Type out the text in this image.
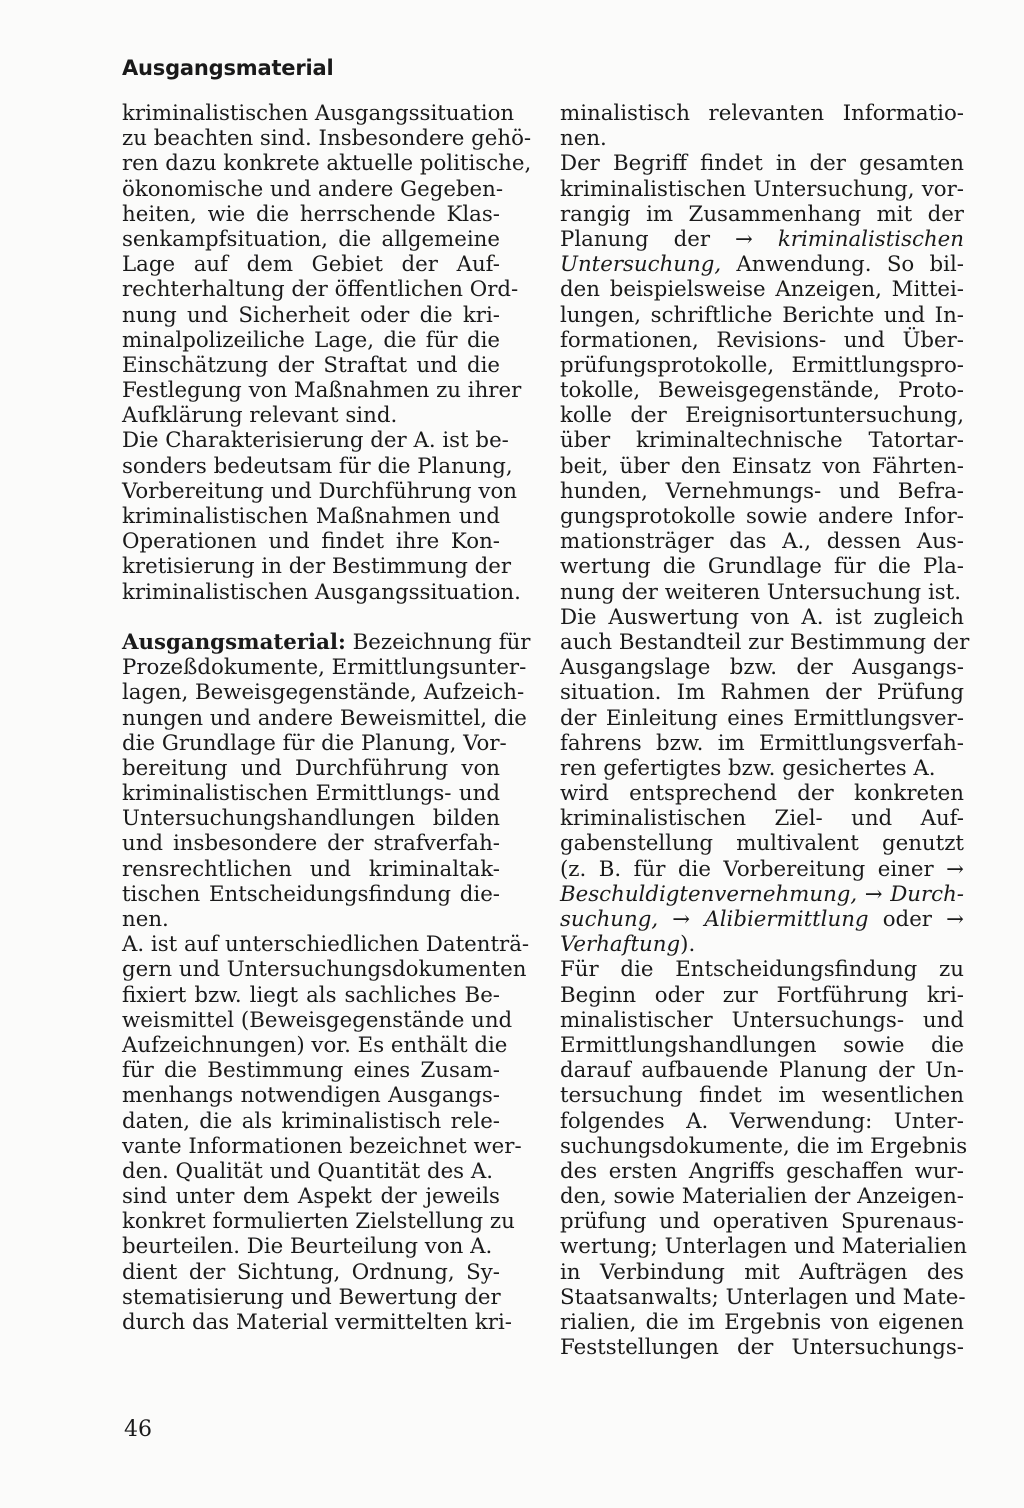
Ausgangsmaterial
kriminalistischen Ausgangssituation
zu beachten sind. Insbesondere gehö-
ren dazu konkrete aktuelle politische,
ökonomische und andere Gegeben-
heiten, wie die herrschende Klas-
senkampfsituation, die allgemeine
Lage auf dem Gebiet der Auf-
rechterhaltung der öffentlichen Ord-
nung und Sicherheit oder die kri-
minalpolizeiliche Lage, die für die
Einschätzung der Straftat und die
Festlegung von Maßnahmen zu ihrer
Aufklärung relevant sind.
Die Charakterisierung der A. ist be-
sonders bedeutsam für die Planung,
Vorbereitung und Durchführung von
kriminalistischen Maßnahmen und
Operationen und findet ihre Kon-
kretisierung in der Bestimmung der
kriminalistischen Ausgangssituation.
Ausgangsmaterial: Bezeichnung für
Prozeßdokumente, Ermittlungsunter-
lagen, Beweisgegenstände, Aufzeich-
nungen und andere Beweismittel, die
die Grundlage für die Planung, Vor-
bereitung und Durchführung von
kriminalistischen Ermittlungs- und
Untersuchungshandlungen bilden
und insbesondere der strafverfah-
rensrechtlichen und kriminaltak-
tischen Entscheidungsfindung die-
nen.
A. ist auf unterschiedlichen Datenträ-
gern und Untersuchungsdokumenten
fixiert bzw. liegt als sachliches Be-
weismittel (Beweisgegenstände und
Aufzeichnungen) vor. Es enthält die
für die Bestimmung eines Zusam-
menhangs notwendigen Ausgangs-
daten, die als kriminalistisch rele-
vante Informationen bezeichnet wer-
den. Qualität und Quantität des A.
sind unter dem Aspekt der jeweils
konkret formulierten Zielstellung zu
beurteilen. Die Beurteilung von A.
dient der Sichtung, Ordnung, Sy-
stematisierung und Bewertung der
durch das Material vermittelten kri-
minalistisch relevanten Informatio-
nen.
Der Begriff findet in der gesamten
kriminalistischen Untersuchung, vor-
rangig im Zusammenhang mit der
Planung der → kriminalistischen
Untersuchung, Anwendung. So bil-
den beispielsweise Anzeigen, Mittei-
lungen, schriftliche Berichte und In-
formationen, Revisions- und Über-
prüfungsprotokolle, Ermittlungspro-
tokolle, Beweisgegenstände, Proto-
kolle der Ereignisortuntersuchung,
über kriminaltechnische Tatortar-
beit, über den Einsatz von Fährten-
hunden, Vernehmungs- und Befra-
gungsprotokolle sowie andere Infor-
mationsträger das A., dessen Aus-
wertung die Grundlage für die Pla-
nung der weiteren Untersuchung ist.
Die Auswertung von A. ist zugleich
auch Bestandteil zur Bestimmung der
Ausgangslage bzw. der Ausgangs-
situation. Im Rahmen der Prüfung
der Einleitung eines Ermittlungsver-
fahrens bzw. im Ermittlungsverfah-
ren gefertigtes bzw. gesichertes A.
wird entsprechend der konkreten
kriminalistischen Ziel- und Auf-
gabenstellung multivalent genutzt
(z. B. für die Vorbereitung einer →
Beschuldigtenvernehmung, → Durch-
suchung, → Alibiermittlung oder →
Verhaftung).
Für die Entscheidungsfindung zu
Beginn oder zur Fortführung kri-
minalistischer Untersuchungs- und
Ermittlungshandlungen sowie die
darauf aufbauende Planung der Un-
tersuchung findet im wesentlichen
folgendes A. Verwendung: Unter-
suchungsdokumente, die im Ergebnis
des ersten Angriffs geschaffen wur-
den, sowie Materialien der Anzeigen-
prüfung und operativen Spurenaus-
wertung; Unterlagen und Materialien
in Verbindung mit Aufträgen des
Staatsanwalts; Unterlagen und Mate-
rialien, die im Ergebnis von eigenen
Feststellungen der Untersuchungs-
46
